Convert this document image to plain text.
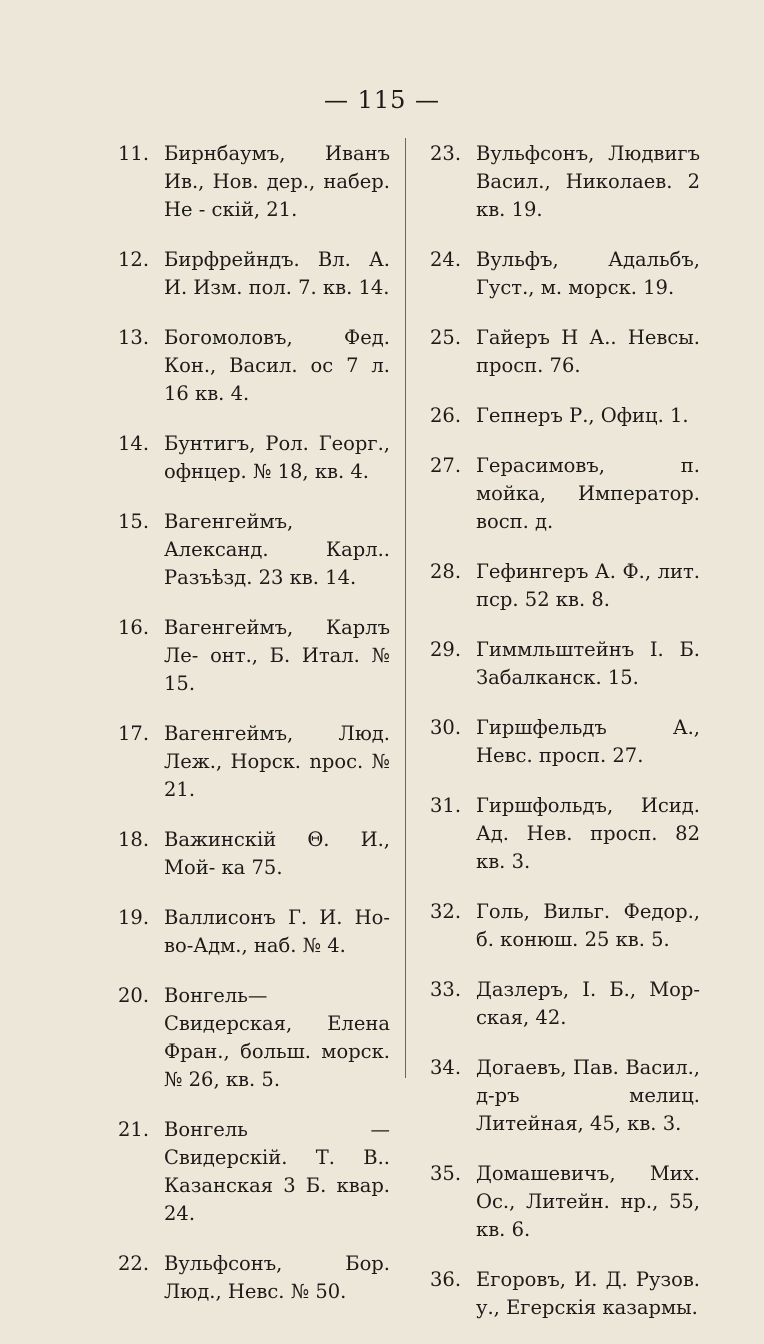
— 115 —
11. Бирнбаумъ, Иванъ Ив., Нов. дер., набер. Не - скій, 21.
12. Бирфрейндъ. Вл. А. И. Изм. пол. 7. кв. 14.
13. Богомоловъ, Фед. Кон., Васил. ос 7 л. 16 кв. 4.
14. Бунтигъ, Рол. Георг., офнцер. № 18, кв. 4.
15. Вагенгеймъ, Александ. Карл.. Разъѣзд. 23 кв. 14.
16. Вагенгеймъ, Карлъ Ле- онт., Б. Итал. № 15.
17. Вагенгеймъ, Люд. Леж., Нopск. npoc. № 21.
18. Важинскій Θ. И., Мой- ка 75.
19. Валлисонъ Г. И. Но- во-Адм., наб. № 4.
20. Вонгель—Свидерская, Елена Фран., больш. морск. № 26, кв. 5.
21. Вонгель — Свидерскій. Т. В.. Казанская 3 Б. квар. 24.
22. Вульфсонъ, Бор. Люд., Невс. № 50.
23. Вульфсонъ, Людвигъ Васил., Николаев. 2 кв. 19.
24. Вульфъ, Адальбъ, Густ., м. морск. 19.
25. Гайеръ Н А.. Невсы. просп. 76.
26. Гепнеръ Р., Офиц. 1.
27. Герасимовъ, п. мойка, Император. восп. д.
28. Гефингеръ А. Ф., лит. пср. 52 кв. 8.
29. Гиммльштейнъ I. Б. Забалканск. 15.
30. Гиршфельдъ А., Невс. просп. 27.
31. Гиршфольдъ, Исид. Ад. Нев. просп. 82 кв. 3.
32. Голь, Вильг. Федор., б. конюш. 25 кв. 5.
33. Дазлеръ, I. Б., Мор- ская, 42.
34. Догаевъ, Пав. Васил., д-ръ мелиц. Литейная, 45, кв. 3.
35. Домашевичъ, Мих. Ос., Литейн. нр., 55, кв. 6.
36. Егоровъ, И. Д. Рузов. у., Егерскія казармы.
